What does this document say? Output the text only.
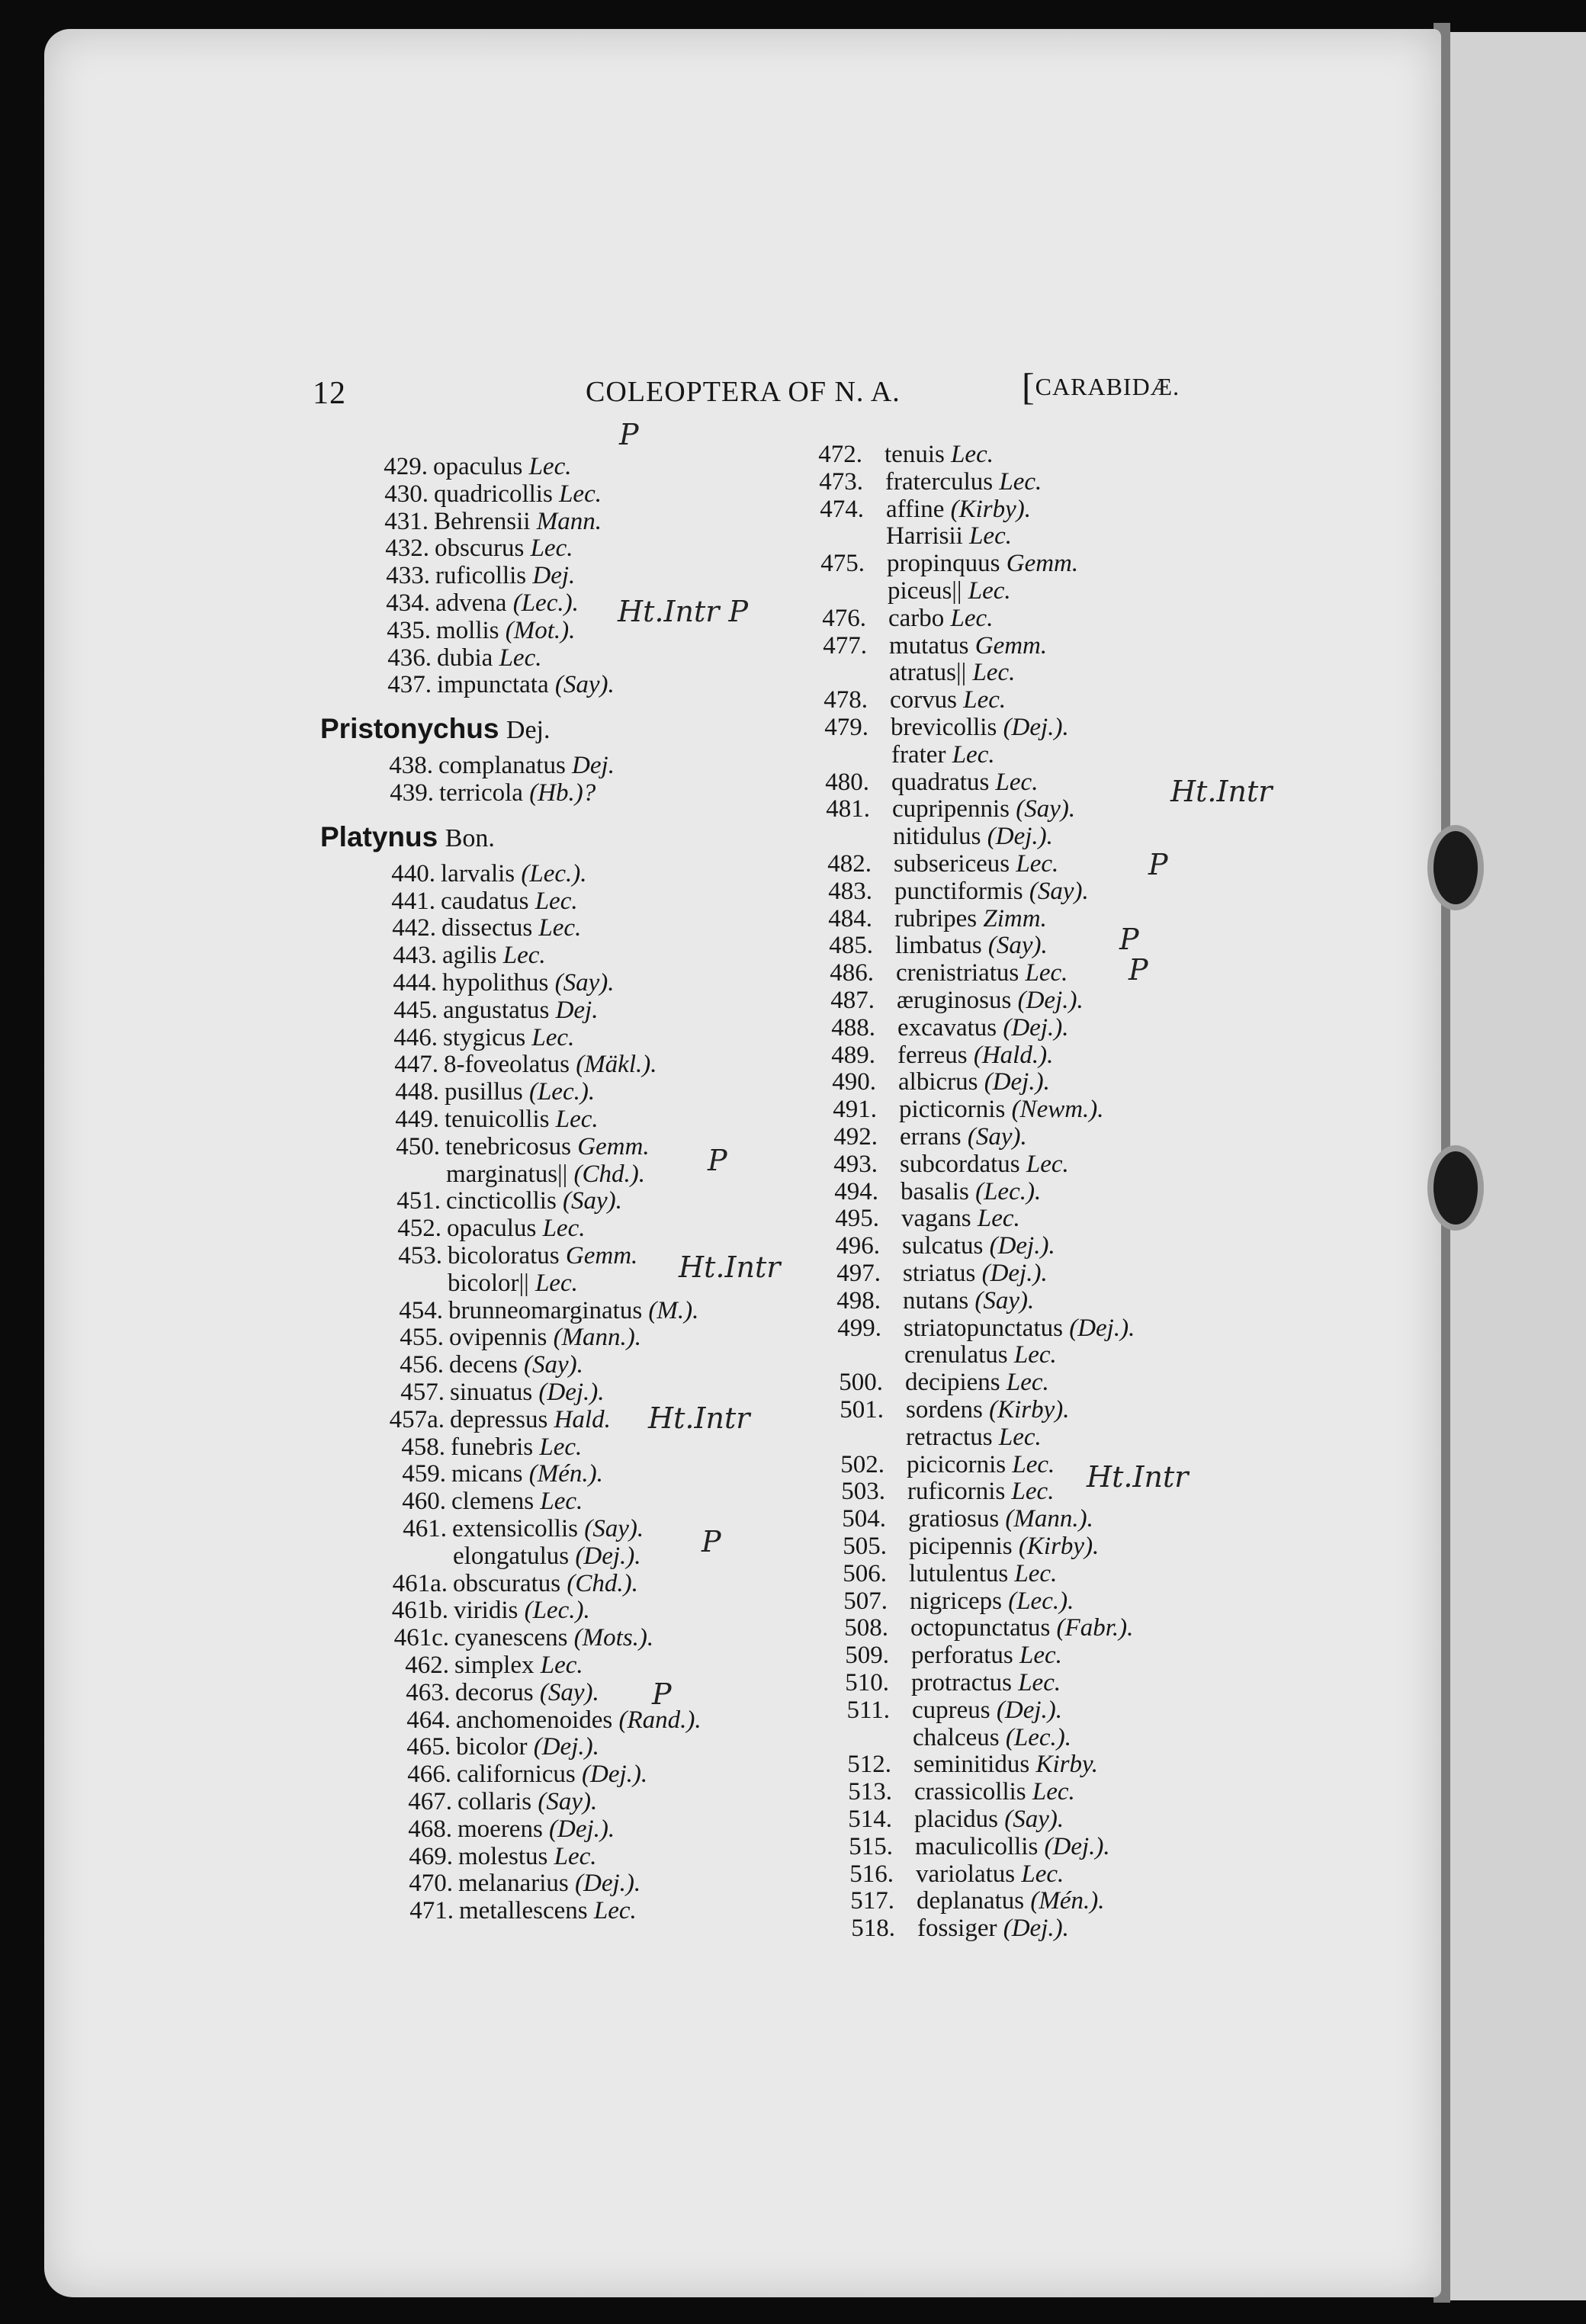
12	COLEOPTERA OF N. A.	[CARABIDÆ.
429. opaculus Lec.
430. quadricollis Lec.
431. Behrensii Mann.
432. obscurus Lec.
433. ruficollis Dej.
434. advena (Lec.).
435. mollis (Mot.).
436. dubia Lec.
437. impunctata (Say).
Pristonychus Dej.
438. complanatus Dej.
439. terricola (Hb.)?
Platynus Bon.
440. larvalis (Lec.).
441. caudatus Lec.
442. dissectus Lec.
443. agilis Lec.
444. hypolithus (Say).
445. angustatus Dej.
446. stygicus Lec.
447. 8-foveolatus (Mäkl.).
448. pusillus (Lec.).
449. tenuicollis Lec.
450. tenebricosus Gemm.
marginatus|| (Chd.).
451. cincticollis (Say).
452. opaculus Lec.
453. bicoloratus Gemm.
bicolor|| Lec.
454. brunneomarginatus (M.).
455. ovipennis (Mann.).
456. decens (Say).
457. sinuatus (Dej.).
457a. depressus Hald.
458. funebris Lec.
459. micans (Mén.).
460. clemens Lec.
461. extensicollis (Say).
elongatulus (Dej.).
461a. obscuratus (Chd.).
461b. viridis (Lec.).
461c. cyanescens (Mots.).
462. simplex Lec.
463. decorus (Say).
464. anchomenoides (Rand.).
465. bicolor (Dej.).
466. californicus (Dej.).
467. collaris (Say).
468. moerens (Dej.).
469. molestus Lec.
470. melanarius (Dej.).
471. metallescens Lec.
472. tenuis Lec.
473. fraterculus Lec.
474. affine (Kirby).
Harrisii Lec.
475. propinquus Gemm.
piceus|| Lec.
476. carbo Lec.
477. mutatus Gemm.
atratus|| Lec.
478. corvus Lec.
479. brevicollis (Dej.).
frater Lec.
480. quadratus Lec.
481. cupripennis (Say).
nitidulus (Dej.).
482. subsericeus Lec.
483. punctiformis (Say).
484. rubripes Zimm.
485. limbatus (Say).
486. crenistriatus Lec.
487. æruginosus (Dej.).
488. excavatus (Dej.).
489. ferreus (Hald.).
490. albicrus (Dej.).
491. picticornis (Newm.).
492. errans (Say).
493. subcordatus Lec.
494. basalis (Lec.).
495. vagans Lec.
496. sulcatus (Dej.).
497. striatus (Dej.).
498. nutans (Say).
499. striatopunctatus (Dej.).
crenulatus Lec.
500. decipiens Lec.
501. sordens (Kirby).
retractus Lec.
502. picicornis Lec.
503. ruficornis Lec.
504. gratiosus (Mann.).
505. picipennis (Kirby).
506. lutulentus Lec.
507. nigriceps (Lec.).
508. octopunctatus (Fabr.).
509. perforatus Lec.
510. protractus Lec.
511. cupreus (Dej.).
chalceus (Lec.).
512. seminitidus Kirby.
513. crassicollis Lec.
514. placidus (Say).
515. maculicollis (Dej.).
516. variolatus Lec.
517. deplanatus (Mén.).
518. fossiger (Dej.).
P
Ht.Intr P
Ht.Intr
P
P
P
P
Ht.Intr
Ht.Intr
P
Ht.Intr
P
